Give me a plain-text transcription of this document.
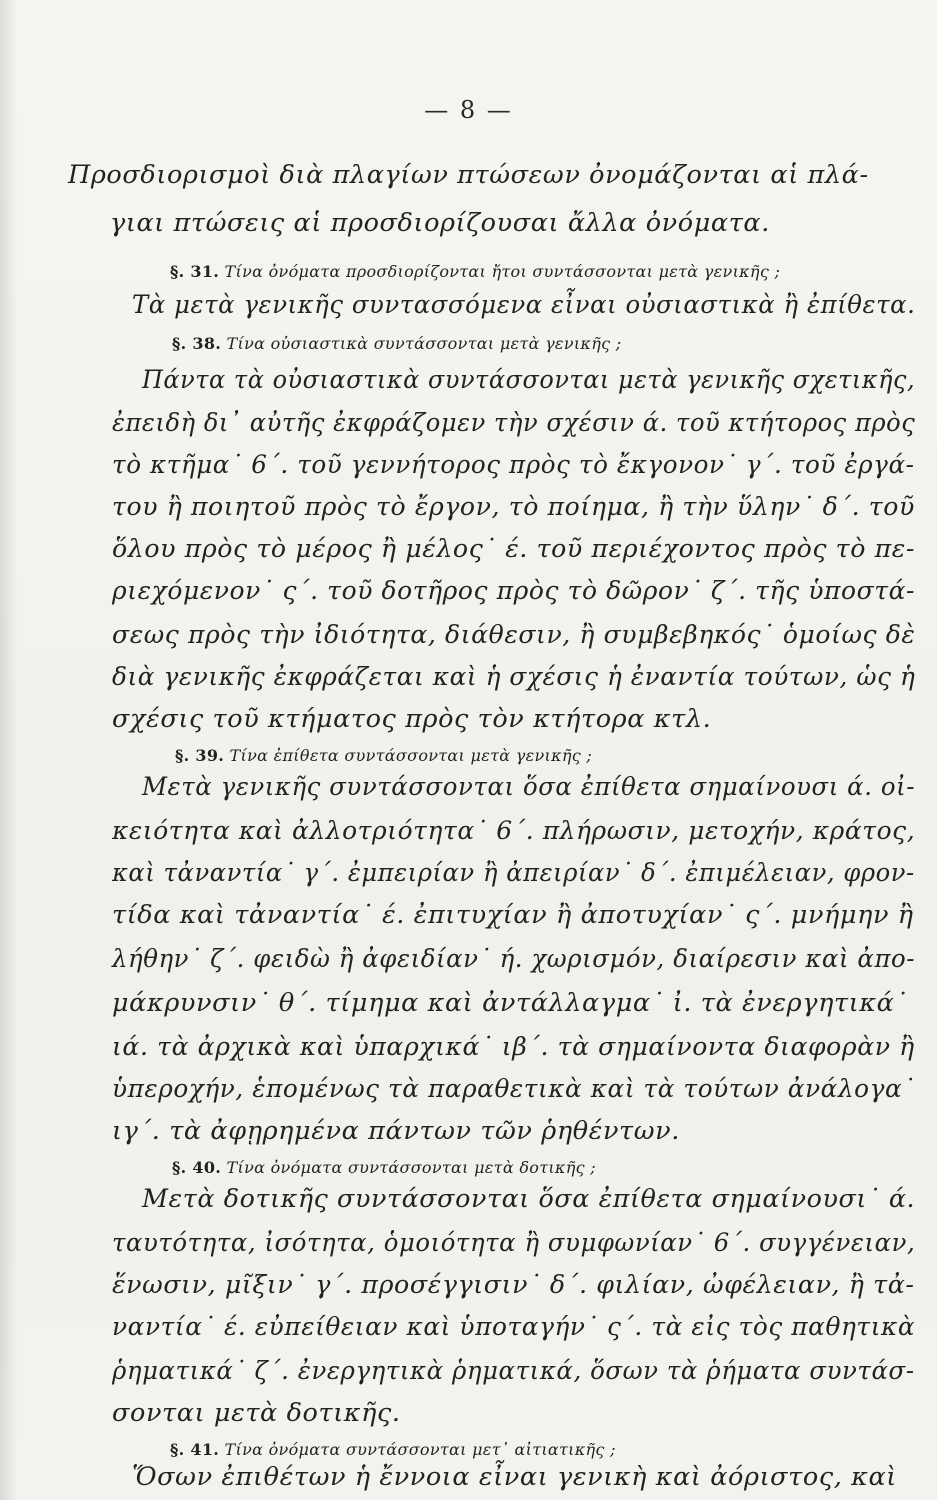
— 8 —
Προσδιορισμοὶ διὰ πλαγίων πτώσεων ὀνομάζονται αἱ πλά-
γιαι πτώσεις αἱ προσδιορίζουσαι ἄλλα ὀνόματα.
§. 31. Τίνα ὀνόματα προσδιορίζονται ἤτοι συντάσσονται μετὰ γενικῆς ;
Τὰ μετὰ γενικῆς συντασσόμενα εἶναι οὐσιαστικὰ ἢ ἐπίθετα.
§. 38. Τίνα οὐσιαστικὰ συντάσσονται μετὰ γενικῆς ;
Πάντα τὰ οὐσιαστικὰ συντάσσονται μετὰ γενικῆς σχετικῆς,
ἐπειδὴ δι᾽ αὐτῆς ἐκφράζομεν τὴν σχέσιν ά. τοῦ κτήτορος πρὸς
τὸ κτῆμα˙ 6΄. τοῦ γεννήτορος πρὸς τὸ ἔκγονον˙ γ΄. τοῦ ἐργά-
του ἢ ποιητοῦ πρὸς τὸ ἔργον, τὸ ποίημα, ἢ τὴν ὕλην˙ δ΄. τοῦ
ὅλου πρὸς τὸ μέρος ἢ μέλος˙ έ. τοῦ περιέχοντος πρὸς τὸ πε-
ριεχόμενον˙ ς΄. τοῦ δοτῆρος πρὸς τὸ δῶρον˙ ζ΄. τῆς ὑποστά-
σεως πρὸς τὴν ἰδιότητα, διάθεσιν, ἢ συμβεβηκός˙ ὁμοίως δὲ
διὰ γενικῆς ἐκφράζεται καὶ ἡ σχέσις ἡ ἐναντία τούτων, ὡς ἡ
σχέσις τοῦ κτήματος πρὸς τὸν κτήτορα κτλ.
§. 39. Τίνα ἐπίθετα συντάσσονται μετὰ γενικῆς ;
Μετὰ γενικῆς συντάσσονται ὅσα ἐπίθετα σημαίνουσι ά. οἰ-
κειότητα καὶ ἀλλοτριότητα˙ 6΄. πλήρωσιν, μετοχήν, κράτος,
καὶ τἀναντία˙ γ΄. ἐμπειρίαν ἢ ἀπειρίαν˙ δ΄. ἐπιμέλειαν, φρον-
τίδα καὶ τἀναντία˙ έ. ἐπιτυχίαν ἢ ἀποτυχίαν˙ ς΄. μνήμην ἢ
λήθην˙ ζ΄. φειδὼ ἢ ἀφειδίαν˙ ή. χωρισμόν, διαίρεσιν καὶ ἀπο-
μάκρυνσιν˙ θ΄. τίμημα καὶ ἀντάλλαγμα˙ ἰ. τὰ ἐνεργητικά˙
ιά. τὰ ἀρχικὰ καὶ ὑπαρχικά˙ ιβ΄. τὰ σημαίνοντα διαφορὰν ἢ
ὑπεροχήν, ἑπομένως τὰ παραθετικὰ καὶ τὰ τούτων ἀνάλογα˙
ιγ΄. τὰ ἀφῃρημένα πάντων τῶν ῥηθέντων.
§. 40. Τίνα ὀνόματα συντάσσονται μετὰ δοτικῆς ;
Μετὰ δοτικῆς συντάσσονται ὅσα ἐπίθετα σημαίνουσι˙ ά.
ταυτότητα, ἰσότητα, ὁμοιότητα ἢ συμφωνίαν˙ 6΄. συγγένειαν,
ἕνωσιν, μῖξιν˙ γ΄. προσέγγισιν˙ δ΄. φιλίαν, ὠφέλειαν, ἢ τἀ-
ναντία˙ έ. εὐπείθειαν καὶ ὑποταγήν˙ ς΄. τὰ εἰς τὸς παθητικὰ
ῥηματικά˙ ζ΄. ἐνεργητικὰ ῥηματικά, ὅσων τὰ ῥήματα συντάσ-
σονται μετὰ δοτικῆς.
§. 41. Τίνα ὀνόματα συντάσσονται μετ᾽ αἰτιατικῆς ;
Ὅσων ἐπιθέτων ἡ ἔννοια εἶναι γενικὴ καὶ ἀόριστος, καὶ
